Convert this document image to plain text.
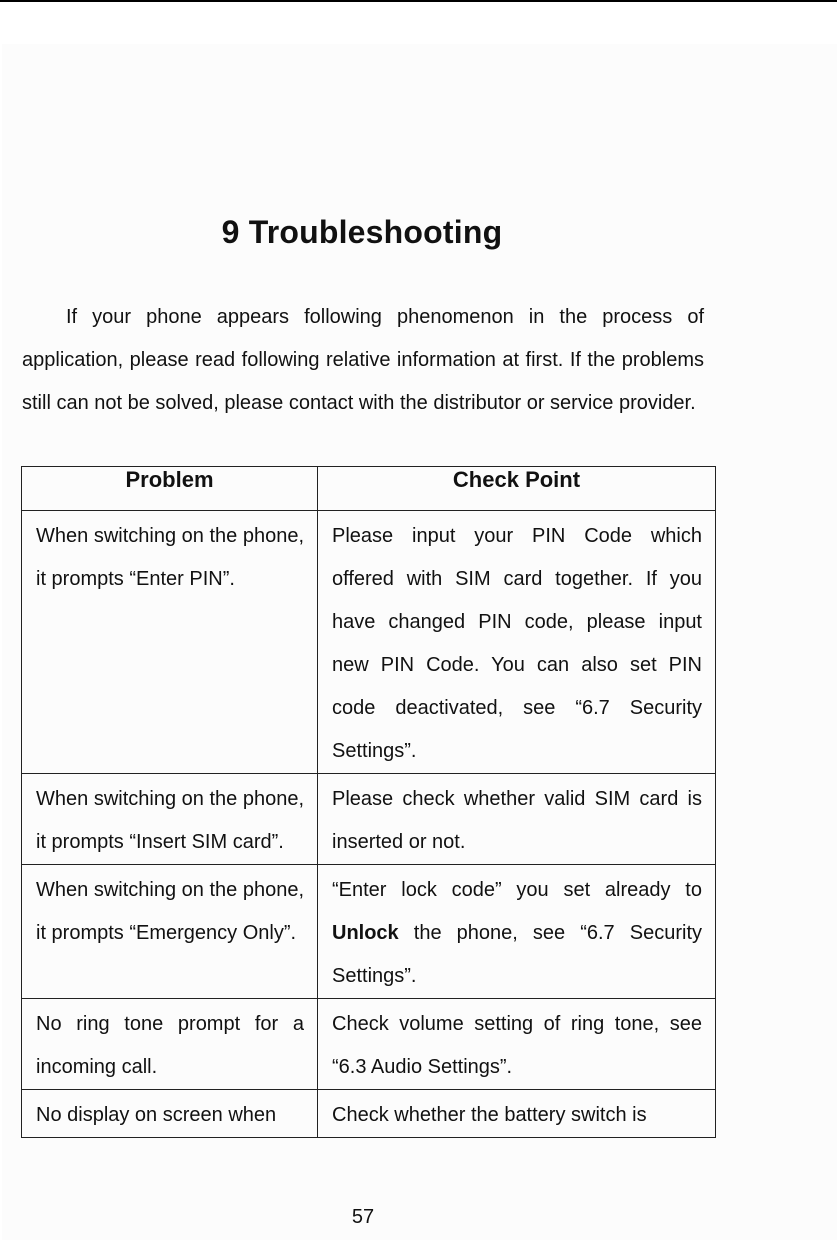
9 Troubleshooting

If your phone appears following phenomenon in the process of application, please read following relative information at first. If the problems still can not be solved, please contact with the distributor or service provider.

Problem	Check Point
When switching on the phone, it prompts “Enter PIN”.	Please input your PIN Code which offered with SIM card together. If you have changed PIN code, please input new PIN Code. You can also set PIN code deactivated, see “6.7 Security Settings”.
When switching on the phone, it prompts “Insert SIM card”.	Please check whether valid SIM card is inserted or not.
When switching on the phone, it prompts “Emergency Only”.	“Enter lock code” you set already to Unlock the phone, see “6.7 Security Settings”.
No ring tone prompt for a incoming call.	Check volume setting of ring tone, see “6.3 Audio Settings”.
No display on screen when	Check whether the battery switch is
57
